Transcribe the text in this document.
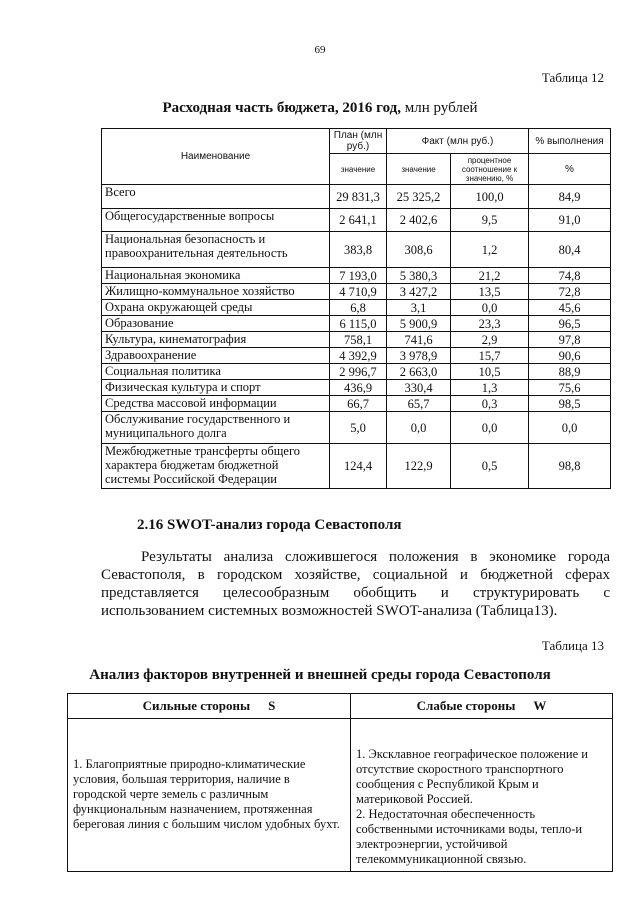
69
Таблица 12
Расходная часть бюджета, 2016 год, млн рублей
Наименование	План (млн руб.)	Факт (млн руб.)		% выполнения
	значение	значение	процентное соотношение к значению, %	%
Всего	29 831,3	25 325,2	100,0	84,9
Общегосударственные вопросы	2 641,1	2 402,6	9,5	91,0
Национальная безопасность и правоохранительная деятельность	383,8	308,6	1,2	80,4
Национальная экономика	7 193,0	5 380,3	21,2	74,8
Жилищно-коммунальное хозяйство	4 710,9	3 427,2	13,5	72,8
Охрана окружающей среды	6,8	3,1	0,0	45,6
Образование	6 115,0	5 900,9	23,3	96,5
Культура, кинематография	758,1	741,6	2,9	97,8
Здравоохранение	4 392,9	3 978,9	15,7	90,6
Социальная политика	2 996,7	2 663,0	10,5	88,9
Физическая культура и спорт	436,9	330,4	1,3	75,6
Средства массовой информации	66,7	65,7	0,3	98,5
Обслуживание государственного и муниципального долга	5,0	0,0	0,0	0,0
Межбюджетные трансферты общего характера бюджетам бюджетной системы Российской Федерации	124,4	122,9	0,5	98,8
2.16 SWOT-анализ города Севастополя
Результаты анализа сложившегося положения в экономике города Севастополя, в городском хозяйстве, социальной и бюджетной сферах представляется целесообразным обобщить и структурировать с использованием системных возможностей SWOT-анализа (Таблица13).
Таблица 13
Анализ факторов внутренней и внешней среды города Севастополя
Сильные стороны S	Слабые стороны W

1. Благоприятные природно-климатические условия, большая территория, наличие в городской черте земель с различным функциональным назначением, протяженная береговая линия с большим числом удобных бухт.	1. Эксклавное географическое положение и отсутствие скоростного транспортного сообщения с Республикой Крым и материковой Россией.
2. Недостаточная обеспеченность собственными источниками воды, тепло-и электроэнергии, устойчивой телекоммуникационной связью.
